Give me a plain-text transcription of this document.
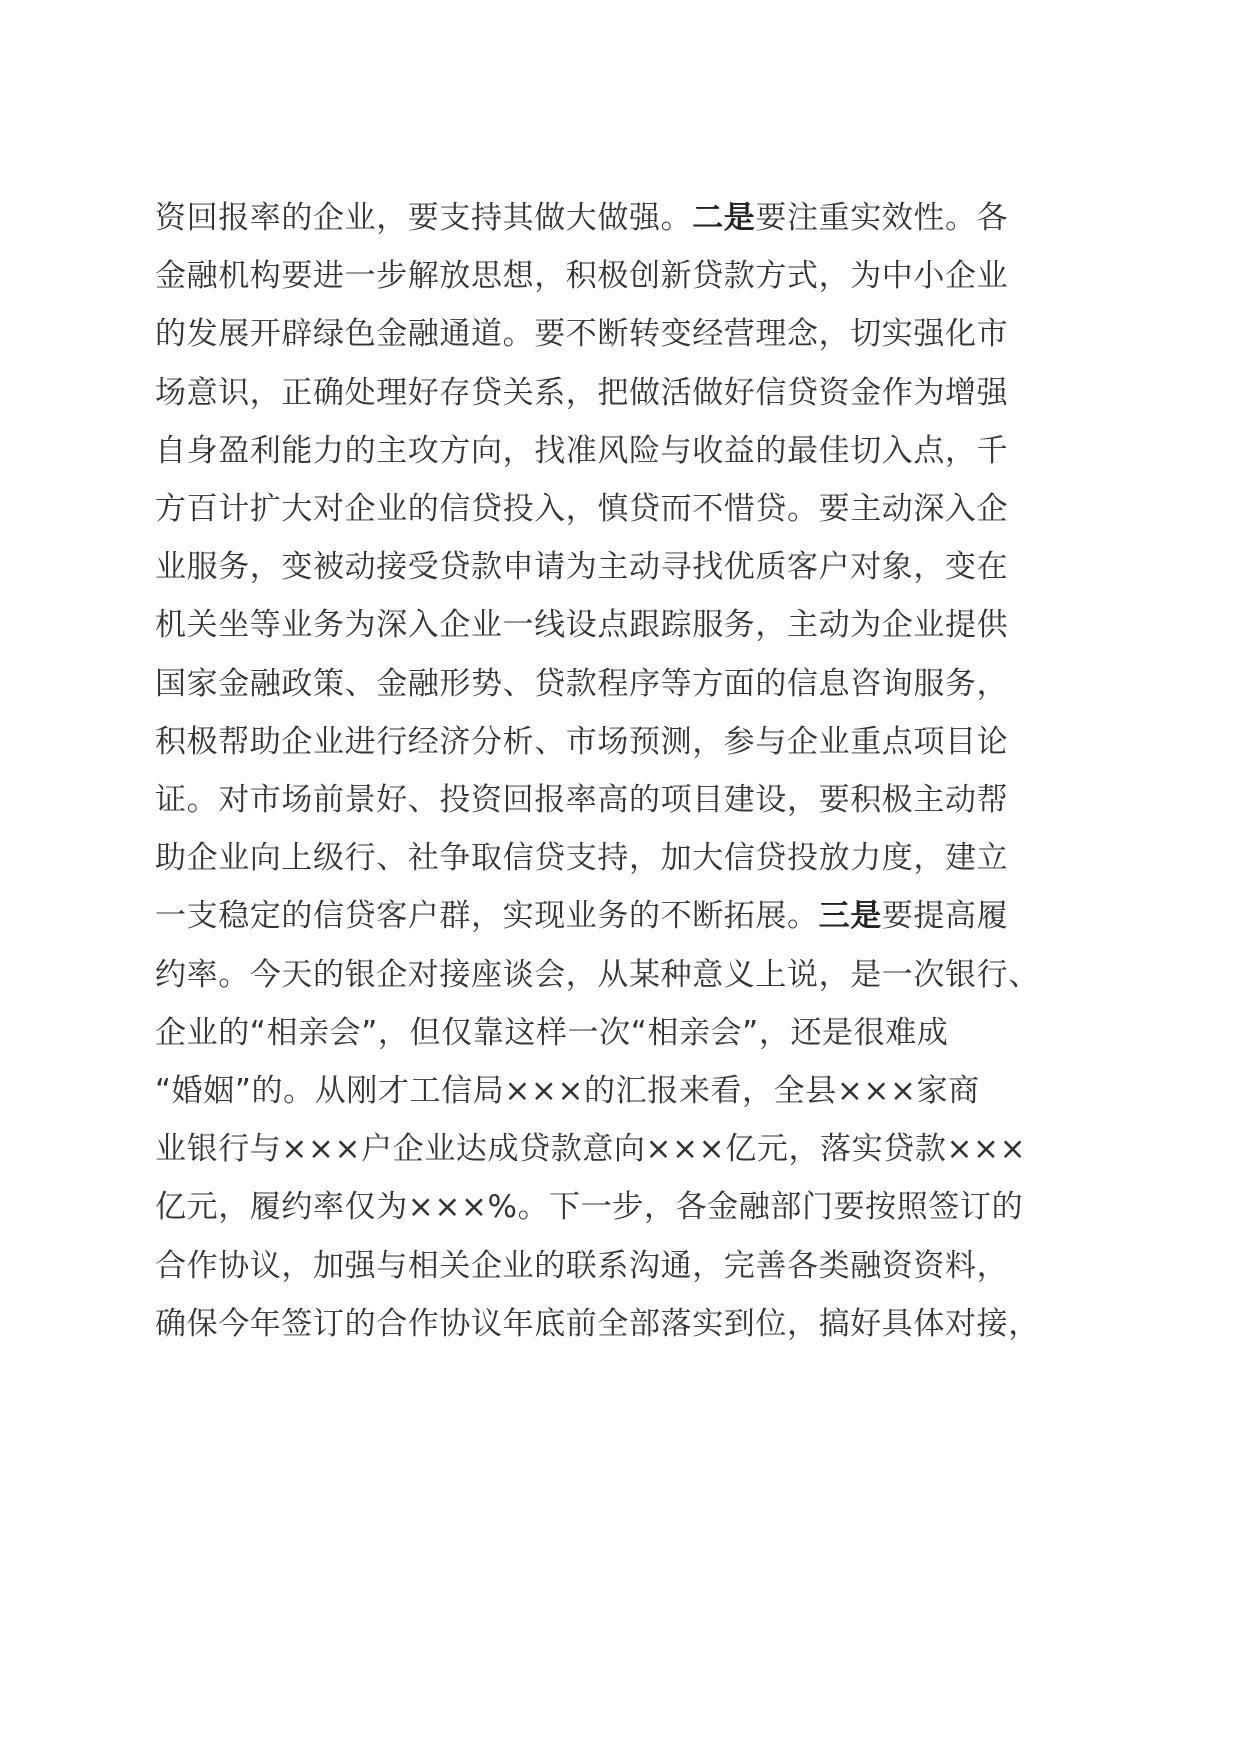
资回报率的企业，要支持其做大做强。二是要注重实效性。各
金融机构要进一步解放思想，积极创新贷款方式，为中小企业
的发展开辟绿色金融通道。要不断转变经营理念，切实强化市
场意识，正确处理好存贷关系，把做活做好信贷资金作为增强
自身盈利能力的主攻方向，找准风险与收益的最佳切入点，千
方百计扩大对企业的信贷投入，慎贷而不惜贷。要主动深入企
业服务，变被动接受贷款申请为主动寻找优质客户对象，变在
机关坐等业务为深入企业一线设点跟踪服务，主动为企业提供
国家金融政策、金融形势、贷款程序等方面的信息咨询服务，
积极帮助企业进行经济分析、市场预测，参与企业重点项目论
证。对市场前景好、投资回报率高的项目建设，要积极主动帮
助企业向上级行、社争取信贷支持，加大信贷投放力度，建立
一支稳定的信贷客户群，实现业务的不断拓展。三是要提高履
约率。今天的银企对接座谈会，从某种意义上说，是一次银行、
企业的“相亲会”，但仅靠这样一次“相亲会”，还是很难成
“婚姻”的。从刚才工信局×××的汇报来看，全县×××家商
业银行与×××户企业达成贷款意向×××亿元，落实贷款×××
亿元，履约率仅为×××%。下一步，各金融部门要按照签订的
合作协议，加强与相关企业的联系沟通，完善各类融资资料，
确保今年签订的合作协议年底前全部落实到位，搞好具体对接，
